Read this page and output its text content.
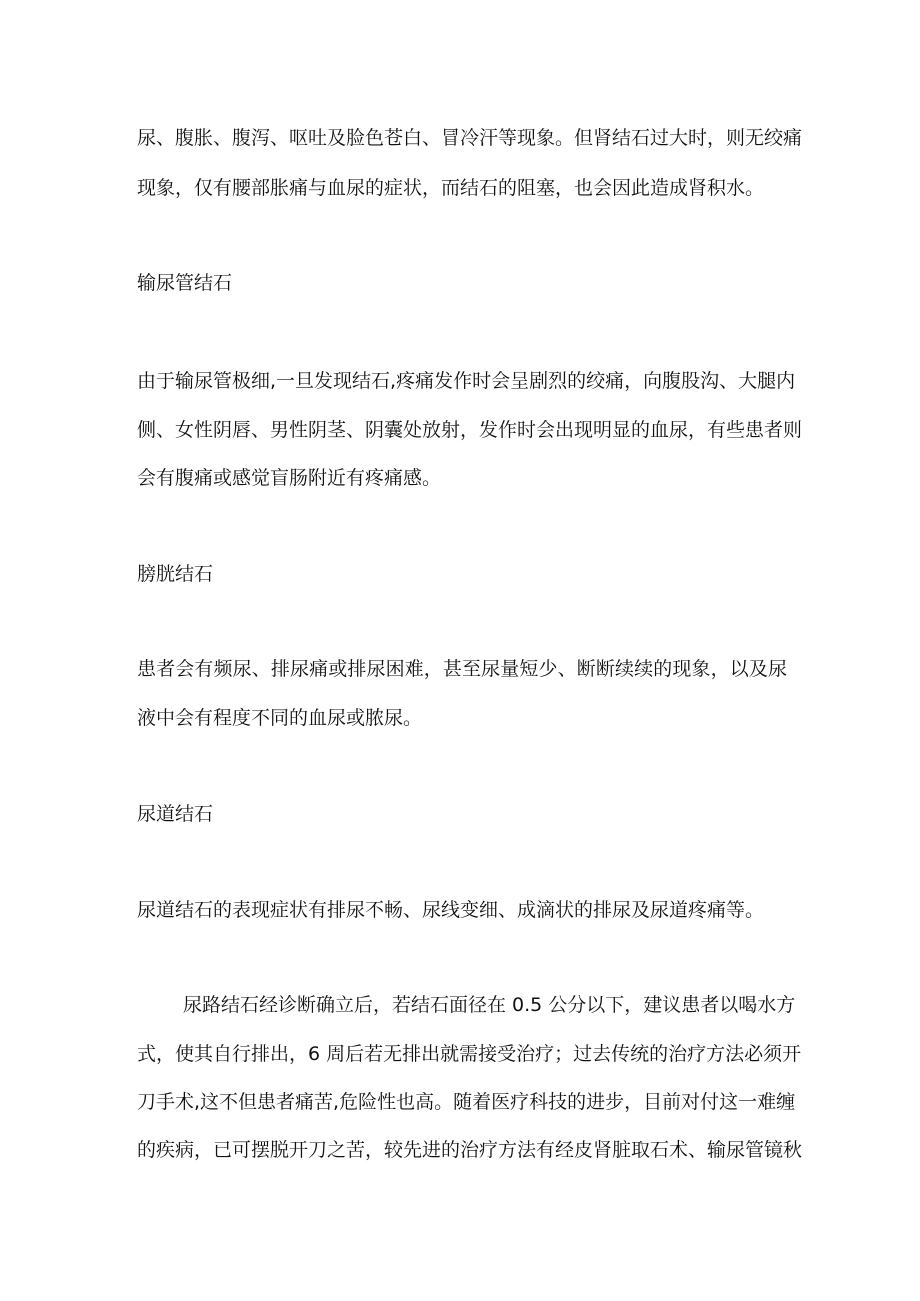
尿、腹胀、腹泻、呕吐及脸色苍白、冒冷汗等现象。但肾结石过大时，则无绞痛
现象，仅有腰部胀痛与血尿的症状，而结石的阻塞，也会因此造成肾积水。
输尿管结石
由于输尿管极细,一旦发现结石,疼痛发作时会呈剧烈的绞痛，向腹股沟、大腿内
侧、女性阴唇、男性阴茎、阴囊处放射，发作时会出现明显的血尿，有些患者则
会有腹痛或感觉盲肠附近有疼痛感。
膀胱结石
患者会有频尿、排尿痛或排尿困难，甚至尿量短少、断断续续的现象，以及尿
液中会有程度不同的血尿或脓尿。
尿道结石
尿道结石的表现症状有排尿不畅、尿线变细、成滴状的排尿及尿道疼痛等。
尿路结石经诊断确立后，若结石面径在 0.5 公分以下，建议患者以喝水方
式，使其自行排出，6 周后若无排出就需接受治疗；过去传统的治疗方法必须开
刀手术,这不但患者痛苦,危险性也高。随着医疗科技的进步，目前对付这一难缠
的疾病，已可摆脱开刀之苦，较先进的治疗方法有经皮肾脏取石术、输尿管镜秋
